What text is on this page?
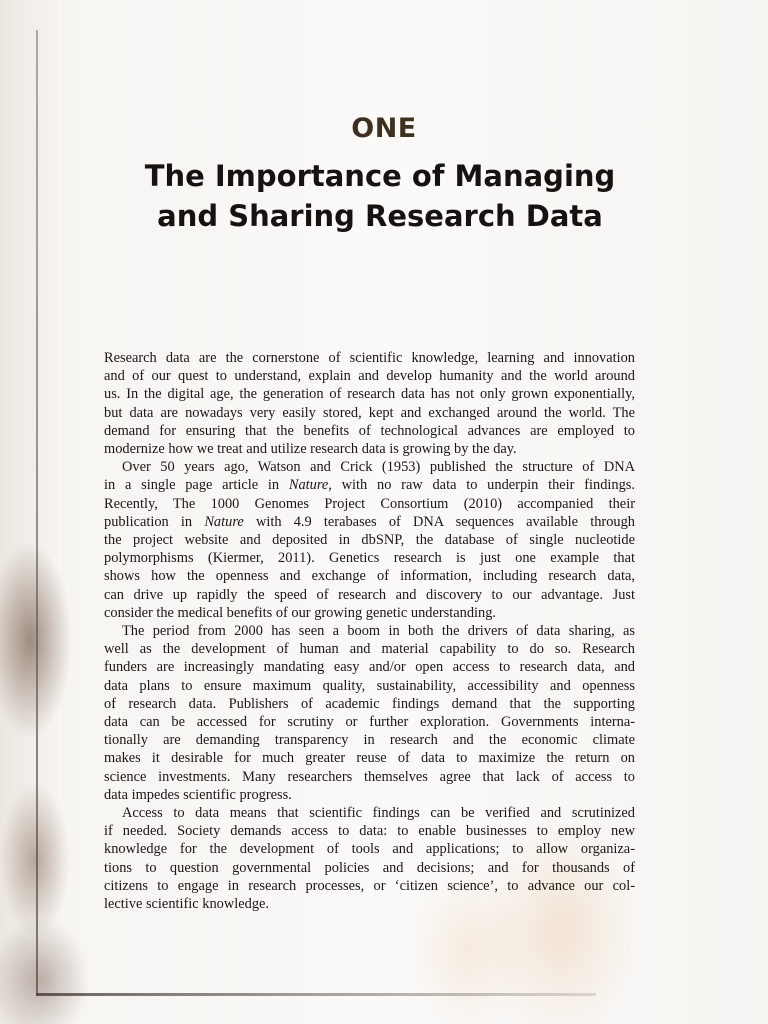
ONE
The Importance of Managing
and Sharing Research Data

Research data are the cornerstone of scientific knowledge, learning and innovation
and of our quest to understand, explain and develop humanity and the world around
us. In the digital age, the generation of research data has not only grown exponentially,
but data are nowadays very easily stored, kept and exchanged around the world. The
demand for ensuring that the benefits of technological advances are employed to
modernize how we treat and utilize research data is growing by the day.

Over 50 years ago, Watson and Crick (1953) published the structure of DNA
in a single page article in Nature, with no raw data to underpin their findings.
Recently, The 1000 Genomes Project Consortium (2010) accompanied their
publication in Nature with 4.9 terabases of DNA sequences available through
the project website and deposited in dbSNP, the database of single nucleotide
polymorphisms (Kiermer, 2011). Genetics research is just one example that
shows how the openness and exchange of information, including research data,
can drive up rapidly the speed of research and discovery to our advantage. Just
consider the medical benefits of our growing genetic understanding.

The period from 2000 has seen a boom in both the drivers of data sharing, as
well as the development of human and material capability to do so. Research
funders are increasingly mandating easy and/or open access to research data, and
data plans to ensure maximum quality, sustainability, accessibility and openness
of research data. Publishers of academic findings demand that the supporting
data can be accessed for scrutiny or further exploration. Governments interna-
tionally are demanding transparency in research and the economic climate
makes it desirable for much greater reuse of data to maximize the return on
science investments. Many researchers themselves agree that lack of access to
data impedes scientific progress.

Access to data means that scientific findings can be verified and scrutinized
if needed. Society demands access to data: to enable businesses to employ new
knowledge for the development of tools and applications; to allow organiza-
tions to question governmental policies and decisions; and for thousands of
citizens to engage in research processes, or ‘citizen science’, to advance our col-
lective scientific knowledge.
